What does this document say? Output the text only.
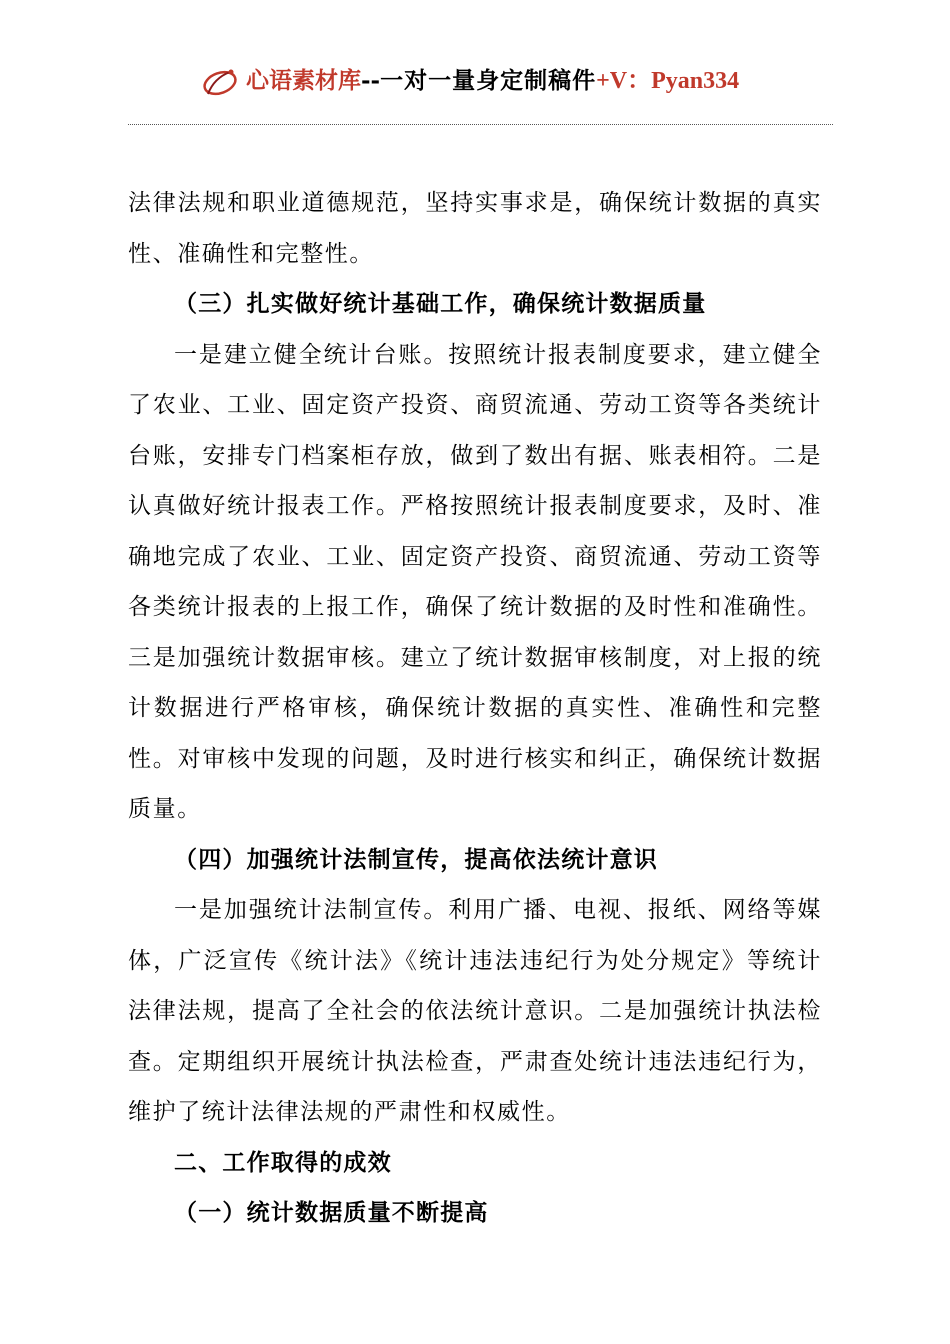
心语素材库--一对一量身定制稿件+V：Pyan334

法律法规和职业道德规范，坚持实事求是，确保统计数据的真实性、准确性和完整性。

（三）扎实做好统计基础工作，确保统计数据质量

一是建立健全统计台账。按照统计报表制度要求，建立健全了农业、工业、固定资产投资、商贸流通、劳动工资等各类统计台账，安排专门档案柜存放，做到了数出有据、账表相符。二是认真做好统计报表工作。严格按照统计报表制度要求，及时、准确地完成了农业、工业、固定资产投资、商贸流通、劳动工资等各类统计报表的上报工作，确保了统计数据的及时性和准确性。三是加强统计数据审核。建立了统计数据审核制度，对上报的统计数据进行严格审核，确保统计数据的真实性、准确性和完整性。对审核中发现的问题，及时进行核实和纠正，确保统计数据质量。

（四）加强统计法制宣传，提高依法统计意识

一是加强统计法制宣传。利用广播、电视、报纸、网络等媒体，广泛宣传《统计法》《统计违法违纪行为处分规定》等统计法律法规，提高了全社会的依法统计意识。二是加强统计执法检查。定期组织开展统计执法检查，严肃查处统计违法违纪行为，维护了统计法律法规的严肃性和权威性。

二、工作取得的成效

（一）统计数据质量不断提高
